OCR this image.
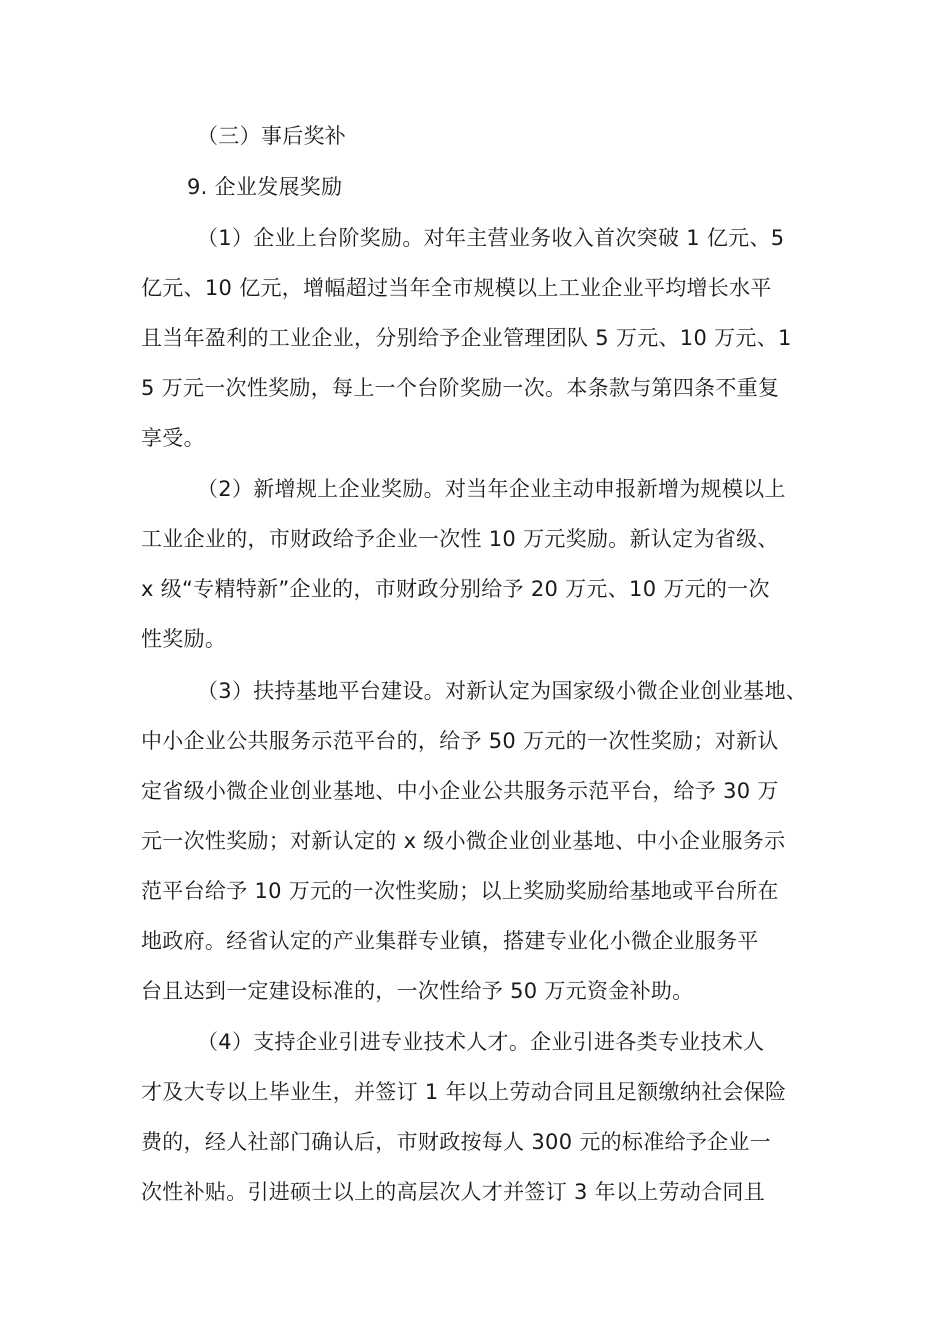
（三）事后奖补
9. 企业发展奖励
（1）企业上台阶奖励。对年主营业务收入首次突破 1 亿元、5
亿元、10 亿元，增幅超过当年全市规模以上工业企业平均增长水平
且当年盈利的工业企业，分别给予企业管理团队 5 万元、10 万元、1
5 万元一次性奖励，每上一个台阶奖励一次。本条款与第四条不重复
享受。
（2）新增规上企业奖励。对当年企业主动申报新增为规模以上
工业企业的，市财政给予企业一次性 10 万元奖励。新认定为省级、
x 级“专精特新”企业的，市财政分别给予 20 万元、10 万元的一次
性奖励。
（3）扶持基地平台建设。对新认定为国家级小微企业创业基地、
中小企业公共服务示范平台的，给予 50 万元的一次性奖励；对新认
定省级小微企业创业基地、中小企业公共服务示范平台，给予 30 万
元一次性奖励；对新认定的 x 级小微企业创业基地、中小企业服务示
范平台给予 10 万元的一次性奖励；以上奖励奖励给基地或平台所在
地政府。经省认定的产业集群专业镇，搭建专业化小微企业服务平
台且达到一定建设标准的，一次性给予 50 万元资金补助。
（4）支持企业引进专业技术人才。企业引进各类专业技术人
才及大专以上毕业生，并签订 1 年以上劳动合同且足额缴纳社会保险
费的，经人社部门确认后，市财政按每人 300 元的标准给予企业一
次性补贴。引进硕士以上的高层次人才并签订 3 年以上劳动合同且
